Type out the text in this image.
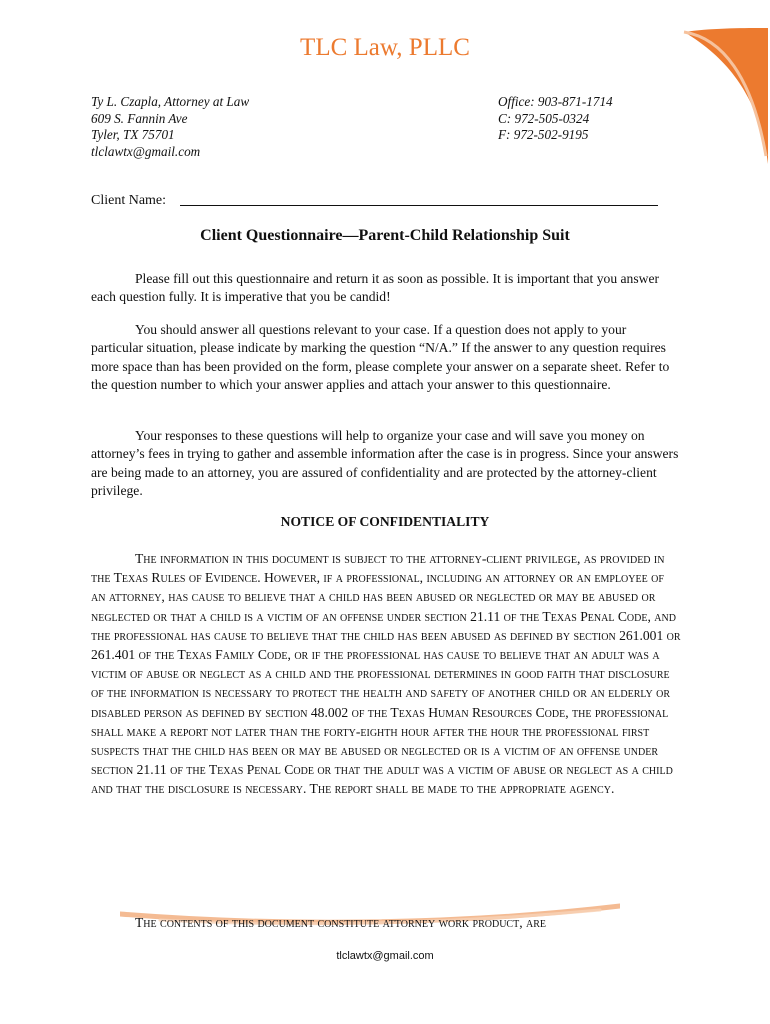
TLC Law, PLLC
Ty L. Czapla, Attorney at Law
609 S. Fannin Ave
Tyler, TX 75701
tlclawtx@gmail.com
Office: 903-871-1714
C: 972-505-0324
F: 972-502-9195
Client Name:
Client Questionnaire—Parent-Child Relationship Suit

Please fill out this questionnaire and return it as soon as possible. It is important that you answer each question fully. It is imperative that you be candid!

You should answer all questions relevant to your case. If a question does not apply to your particular situation, please indicate by marking the question “N/A.” If the answer to any question requires more space than has been provided on the form, please complete your answer on a separate sheet. Refer to the question number to which your answer applies and attach your answer to this questionnaire.

Your responses to these questions will help to organize your case and will save you money on attorney’s fees in trying to gather and assemble information after the case is in progress. Since your answers are being made to an attorney, you are assured of confidentiality and are protected by the attorney-client privilege.

NOTICE OF CONFIDENTIALITY

The information in this document is subject to the attorney-client privilege, as provided in the Texas Rules of Evidence. However, if a professional, including an attorney or an employee of an attorney, has cause to believe that a child has been abused or neglected or may be abused or neglected or that a child is a victim of an offense under section 21.11 of the Texas Penal Code, and the professional has cause to believe that the child has been abused as defined by section 261.001 or 261.401 of the Texas Family Code, or if the professional has cause to believe that an adult was a victim of abuse or neglect as a child and the professional determines in good faith that disclosure of the information is necessary to protect the health and safety of another child or an elderly or disabled person as defined by section 48.002 of the Texas Human Resources Code, the professional shall make a report not later than the forty-eighth hour after the hour the professional first suspects that the child has been or may be abused or neglected or is a victim of an offense under section 21.11 of the Texas Penal Code or that the adult was a victim of abuse or neglect as a child and that the disclosure is necessary. The report shall be made to the appropriate agency.

The contents of this document constitute attorney work product, are

tlclawtx@gmail.com
